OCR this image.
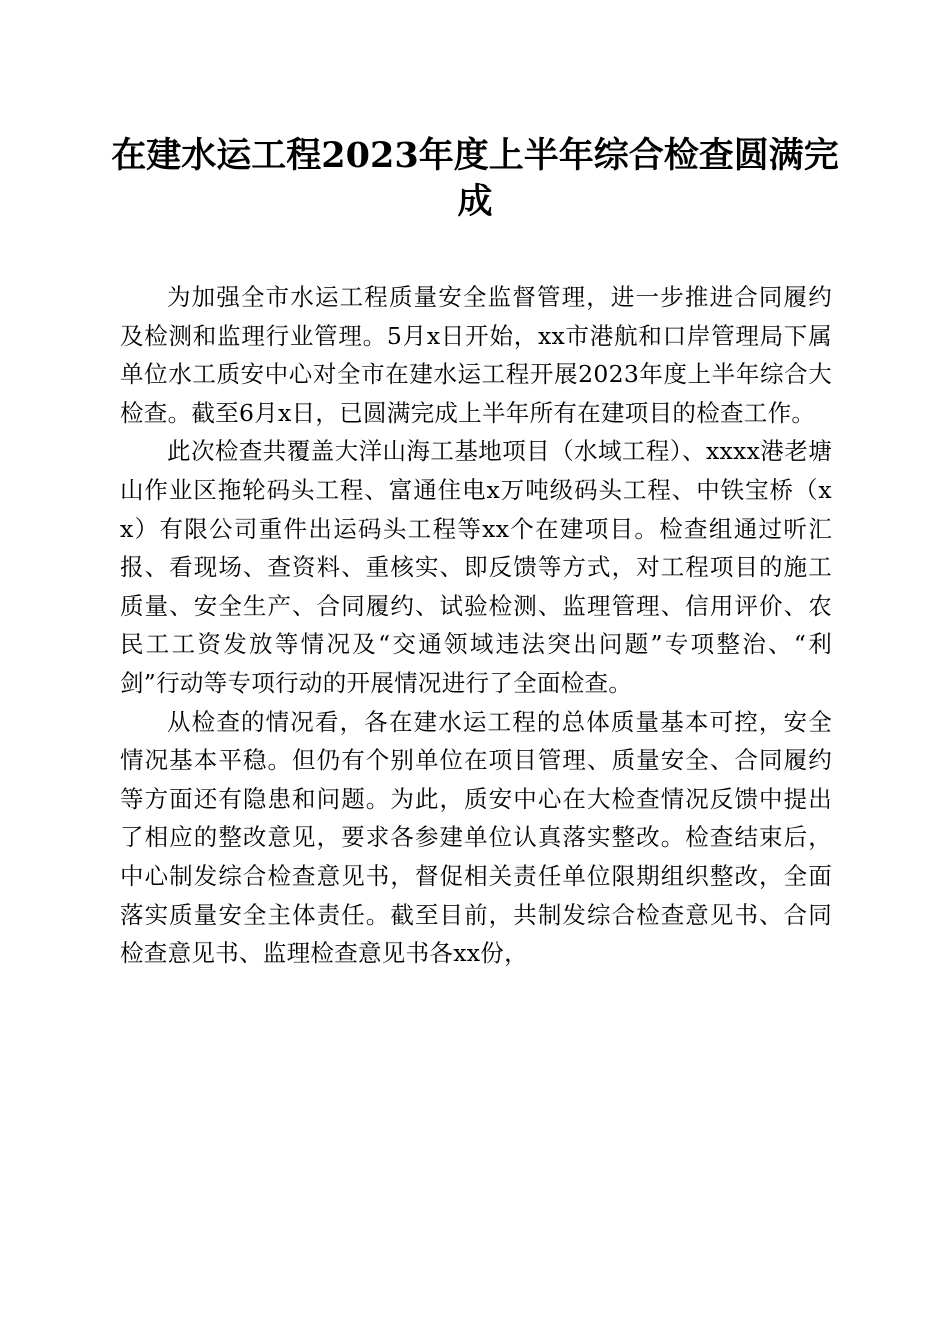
在建水运工程2023年度上半年综合检查圆满完成

为加强全市水运工程质量安全监督管理，进一步推进合同履约及检测和监理行业管理。5月x日开始，xx市港航和口岸管理局下属单位水工质安中心对全市在建水运工程开展2023年度上半年综合大检查。截至6月x日，已圆满完成上半年所有在建项目的检查工作。

此次检查共覆盖大洋山海工基地项目（水域工程）、xxxx港老塘山作业区拖轮码头工程、富通住电x万吨级码头工程、中铁宝桥（xx）有限公司重件出运码头工程等xx个在建项目。检查组通过听汇报、看现场、查资料、重核实、即反馈等方式，对工程项目的施工质量、安全生产、合同履约、试验检测、监理管理、信用评价、农民工工资发放等情况及“交通领域违法突出问题”专项整治、“利剑”行动等专项行动的开展情况进行了全面检查。

从检查的情况看，各在建水运工程的总体质量基本可控，安全情况基本平稳。但仍有个别单位在项目管理、质量安全、合同履约等方面还有隐患和问题。为此，质安中心在大检查情况反馈中提出了相应的整改意见，要求各参建单位认真落实整改。检查结束后，中心制发综合检查意见书，督促相关责任单位限期组织整改，全面落实质量安全主体责任。截至目前，共制发综合检查意见书、合同检查意见书、监理检查意见书各xx份，
